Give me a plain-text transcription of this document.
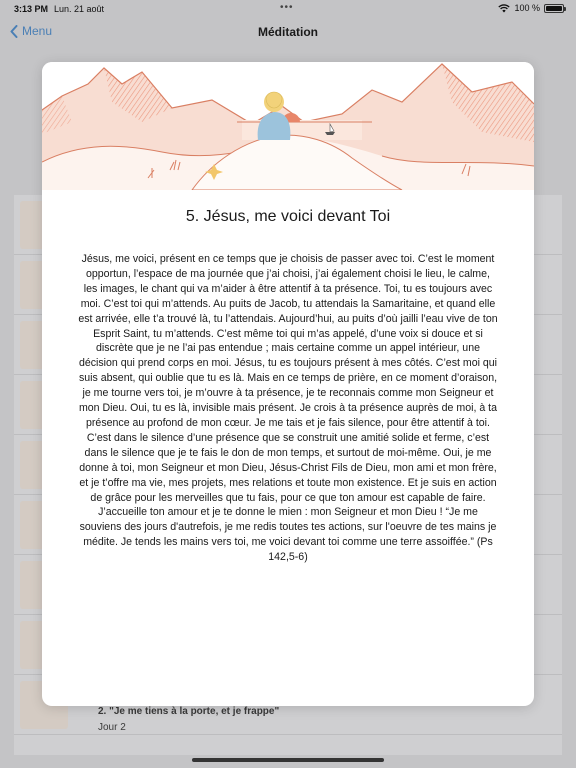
3:13 PM Lun. 21 août	•••	100 %
Menu	Méditation
2. "Je me tiens à la porte, et je frappe"
Jour 2
5. Jésus, me voici devant Toi
Jésus, me voici, présent en ce temps que je choisis de passer avec toi. C’est le moment opportun, l’espace de ma journée que j’ai choisi, j’ai également choisi le lieu, le calme, les images, le chant qui va m’aider à être attentif à ta présence. Toi, tu es toujours avec moi. C’est toi qui m’attends. Au puits de Jacob, tu attendais la Samaritaine, et quand elle est arrivée, elle t’a trouvé là, tu l’attendais. Aujourd’hui, au puits d’où jailli l’eau vive de ton Esprit Saint, tu m’attends. C’est même toi qui m’as appelé, d’une voix si douce et si discrète que je ne l’ai pas entendue ; mais certaine comme un appel intérieur, une décision qui prend corps en moi. Jésus, tu es toujours présent à mes côtés. C’est moi qui suis absent, qui oublie que tu es là. Mais en ce temps de prière, en ce moment d’oraison, je me tourne vers toi, je m’ouvre à ta présence, je te reconnais comme mon Seigneur et mon Dieu. Oui, tu es là, invisible mais présent. Je crois à ta présence auprès de moi, à ta présence au profond de mon cœur. Je me tais et je fais silence, pour être attentif à toi. C’est dans le silence d’une présence que se construit une amitié solide et ferme, c’est dans le silence que je te fais le don de mon temps, et surtout de moi-même. Oui, je me donne à toi, mon Seigneur et mon Dieu, Jésus-Christ Fils de Dieu, mon ami et mon frère, et je t’offre ma vie, mes projets, mes relations et toute mon existence. Et je suis en action de grâce pour les merveilles que tu fais, pour ce que ton amour est capable de faire. J’accueille ton amour et je te donne le mien : mon Seigneur et mon Dieu ! “Je me souviens des jours d'autrefois, je me redis toutes tes actions, sur l'oeuvre de tes mains je médite. Je tends les mains vers toi, me voici devant toi comme une terre assoiffée.” (Ps 142,5-6)
